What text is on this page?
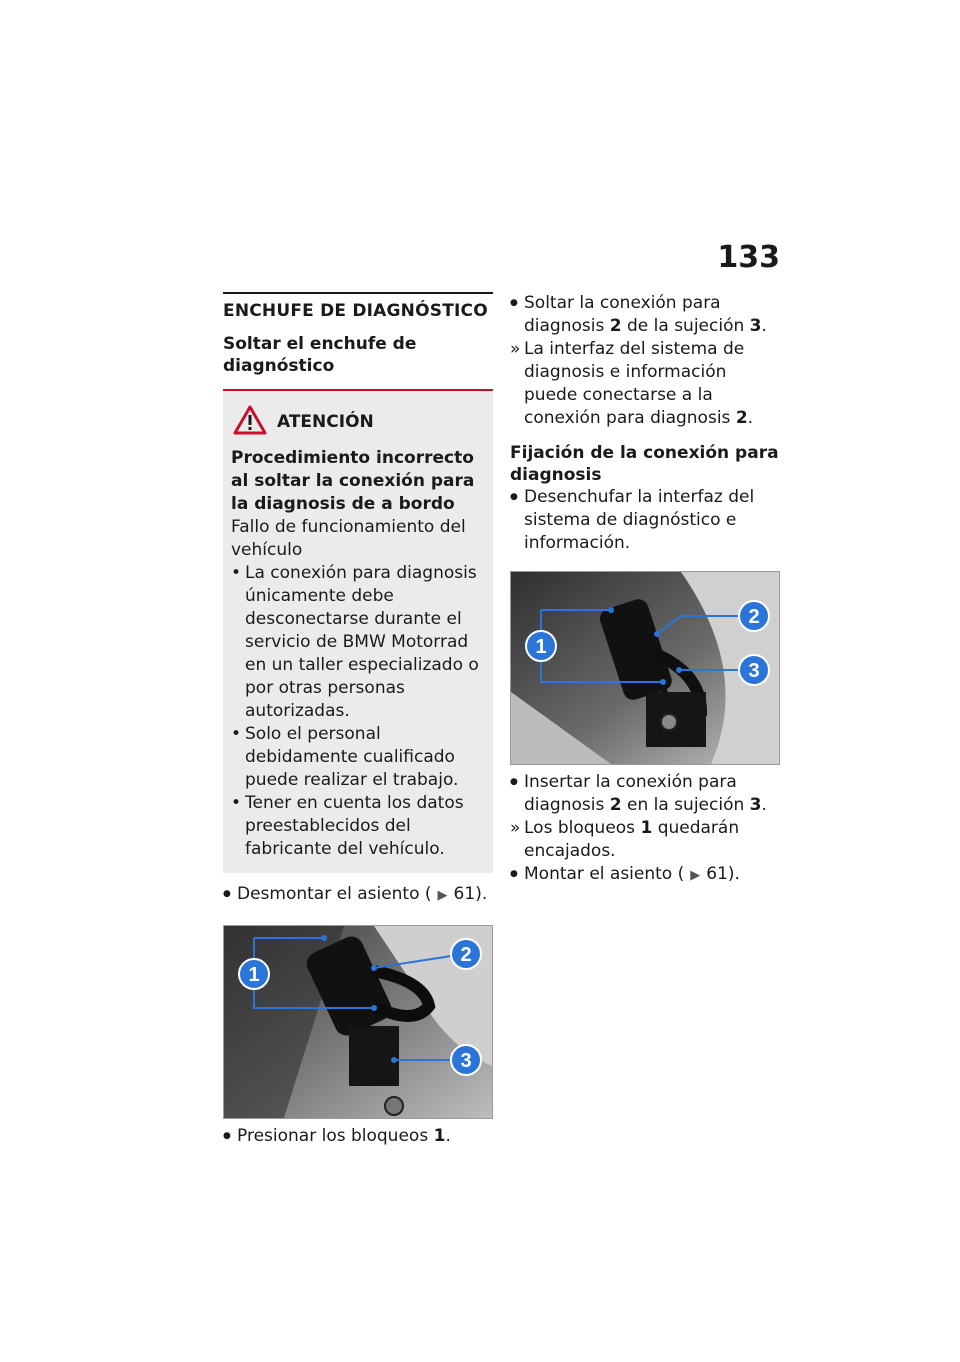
133
ENCHUFE DE DIAGNÓSTICO
Soltar el enchufe de diagnóstico
ATENCIÓN
Procedimiento incorrecto al soltar la conexión para la diagnosis de a bordo
Fallo de funcionamiento del vehículo
•
La conexión para diagnosis únicamente debe desconectarse durante el servicio de BMW Motorrad en un taller especializado o por otras personas autorizadas.
•
Solo el personal debidamente cualificado puede realizar el trabajo.
•
Tener en cuenta los datos preestablecidos del fabricante del vehículo.
●
Desmontar el asiento ( ▶ 61).
1
2
3
●
Presionar los bloqueos 1.
●
Soltar la conexión para diagnosis 2 de la sujeción 3.
»
La interfaz del sistema de diagnosis e información puede conectarse a la conexión para diagnosis 2.
Fijación de la conexión para diagnosis
●
Desenchufar la interfaz del sistema de diagnóstico e información.
1
2
3
●
Insertar la conexión para diagnosis 2 en la sujeción 3.
»
Los bloqueos 1 quedarán encajados.
●
Montar el asiento ( ▶ 61).
